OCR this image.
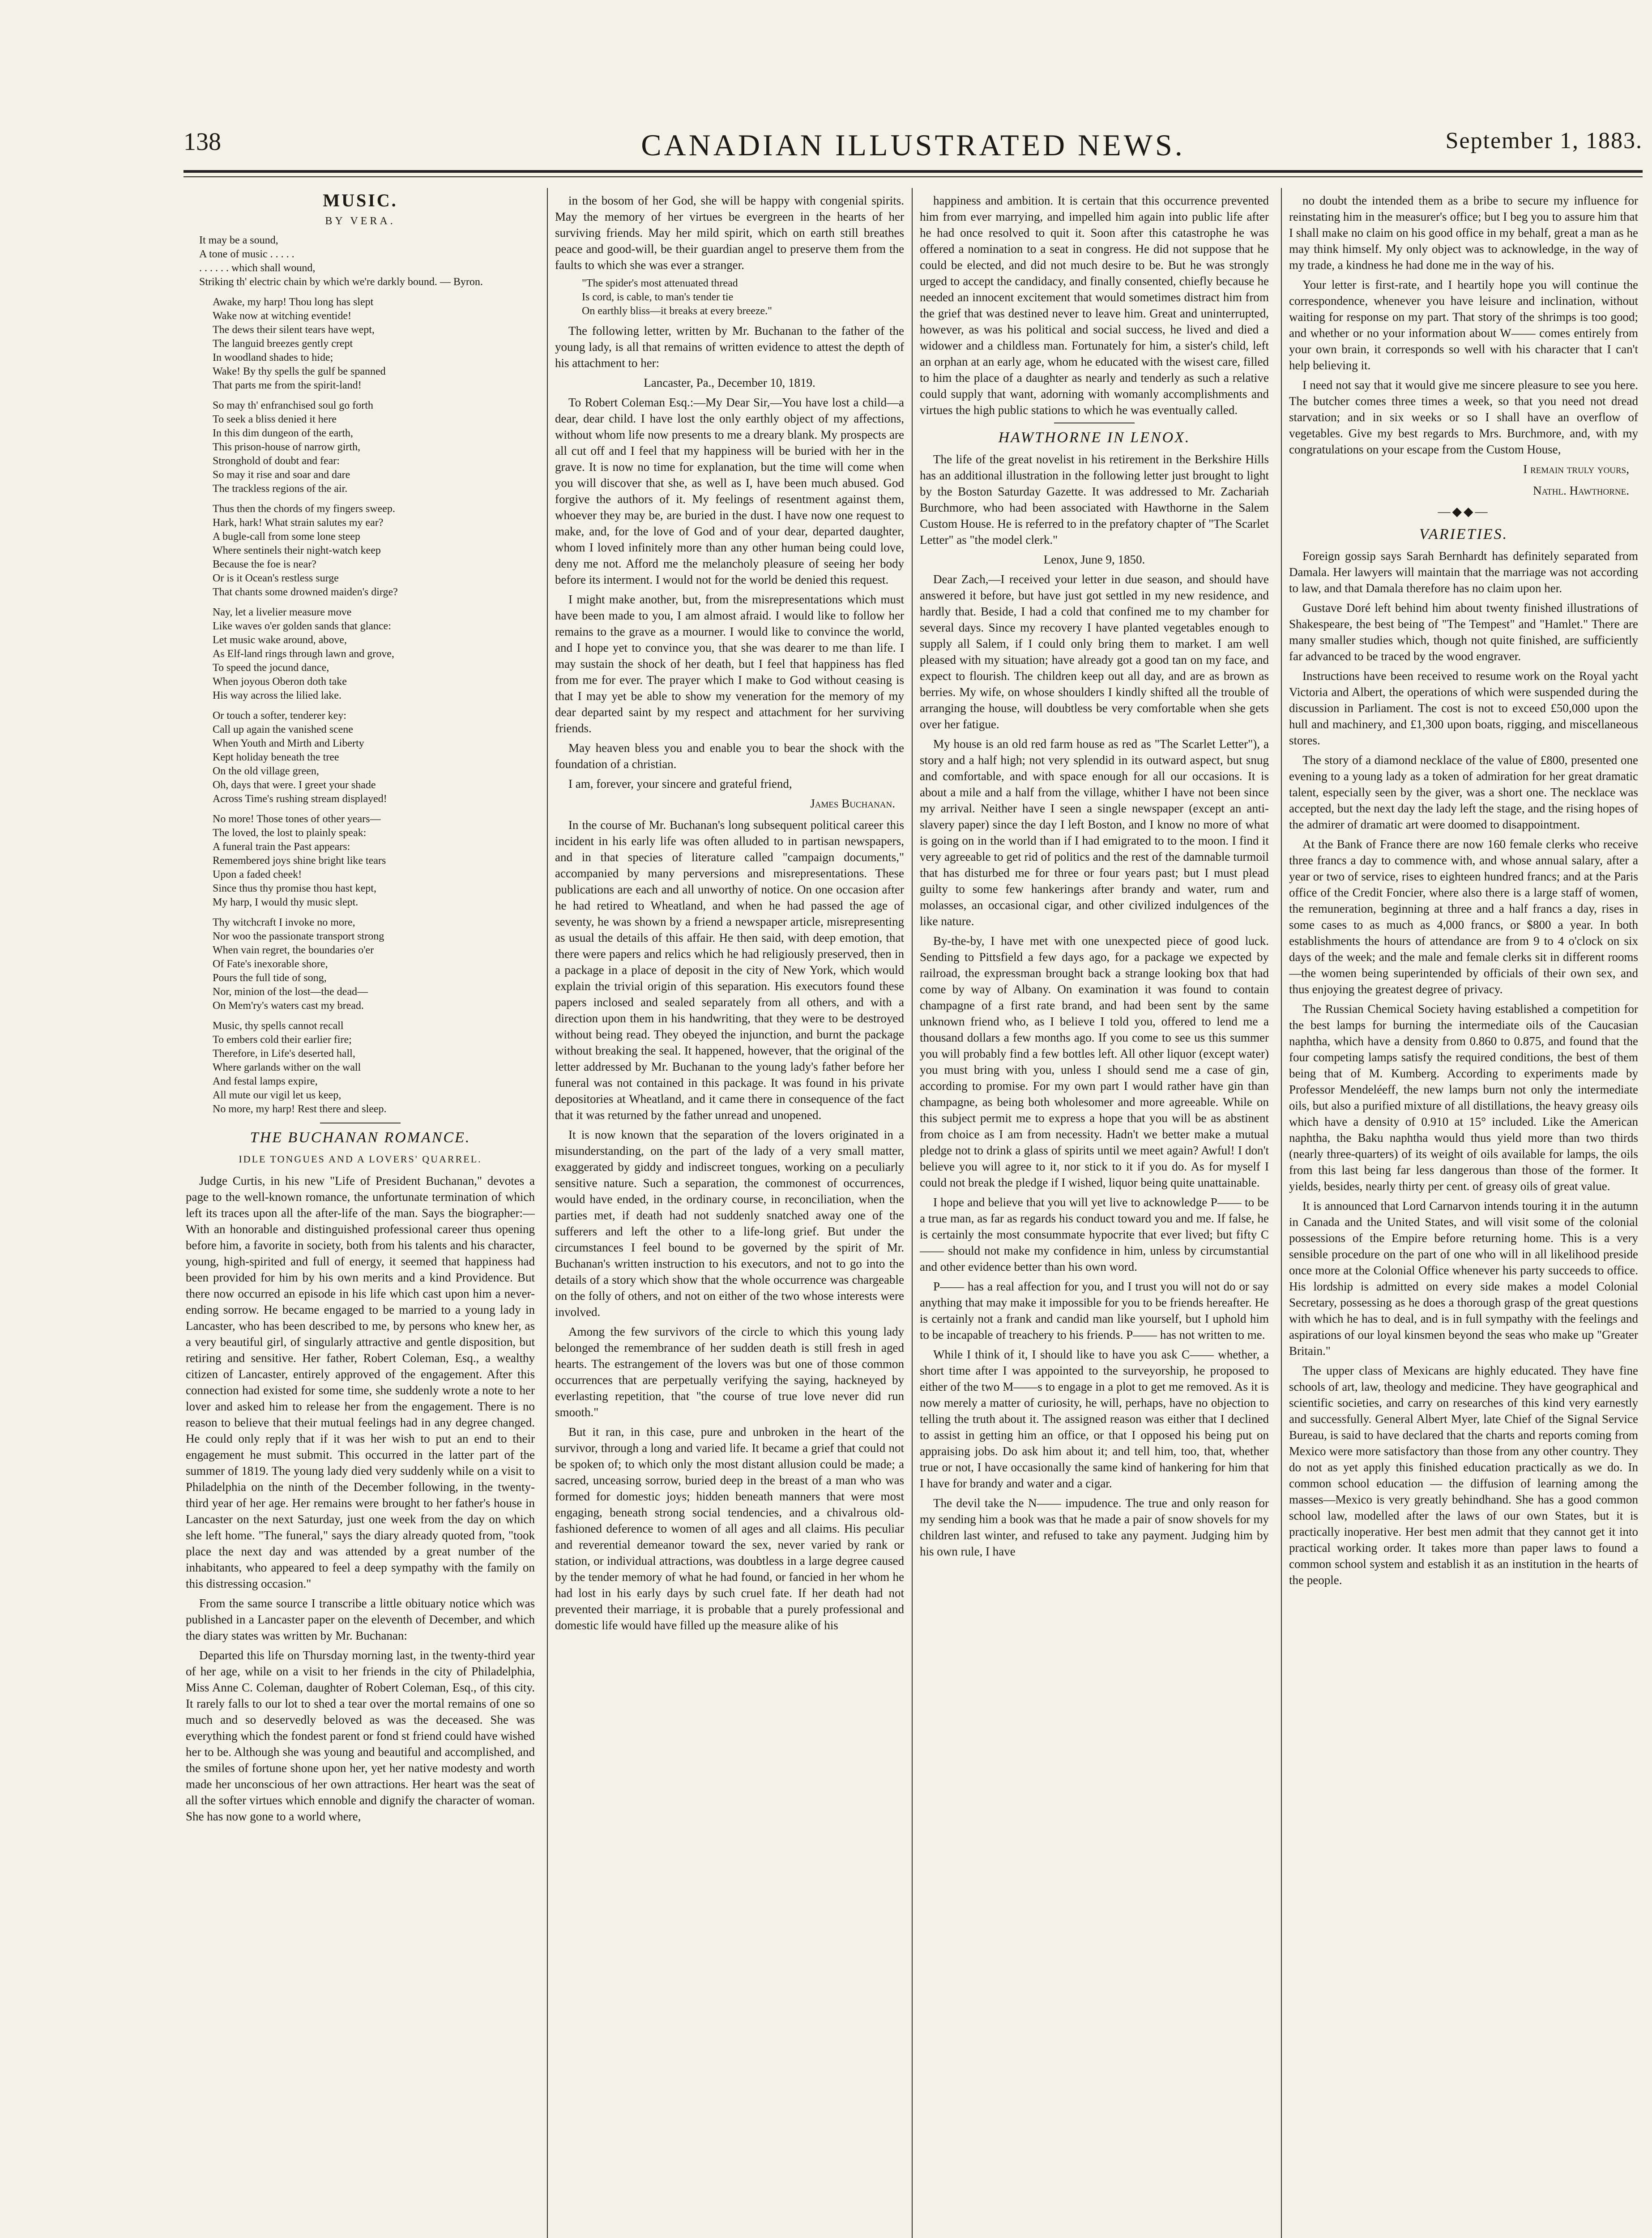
138	CANADIAN ILLUSTRATED NEWS.	September 1, 1883.
MUSIC.
BY VERA.
It may be a sound,
A tone of music . . . . .
. . . . . . which shall wound,
Striking th' electric chain by which we're darkly bound. — Byron.
Awake, my harp! Thou long has slept
Wake now at witching eventide!
The dews their silent tears have wept,
The languid breezes gently crept
In woodland shades to hide;
Wake! By thy spells the gulf be spanned
That parts me from the spirit-land!
So may th' enfranchised soul go forth
To seek a bliss denied it here
In this dim dungeon of the earth,
This prison-house of narrow girth,
Stronghold of doubt and fear:
So may it rise and soar and dare
The trackless regions of the air.
Thus then the chords of my fingers sweep.
Hark, hark! What strain salutes my ear?
A bugle-call from some lone steep
Where sentinels their night-watch keep
Because the foe is near?
Or is it Ocean's restless surge
That chants some drowned maiden's dirge?
Nay, let a livelier measure move
Like waves o'er golden sands that glance:
Let music wake around, above,
As Elf-land rings through lawn and grove,
To speed the jocund dance,
When joyous Oberon doth take
His way across the lilied lake.
Or touch a softer, tenderer key:
Call up again the vanished scene
When Youth and Mirth and Liberty
Kept holiday beneath the tree
On the old village green,
Oh, days that were. I greet your shade
Across Time's rushing stream displayed!
No more! Those tones of other years—
The loved, the lost to plainly speak:
A funeral train the Past appears:
Remembered joys shine bright like tears
Upon a faded cheek!
Since thus thy promise thou hast kept,
My harp, I would thy music slept.
Thy witchcraft I invoke no more,
Nor woo the passionate transport strong
When vain regret, the boundaries o'er
Of Fate's inexorable shore,
Pours the full tide of song,
Nor, minion of the lost—the dead—
On Mem'ry's waters cast my bread.
Music, thy spells cannot recall
To embers cold their earlier fire;
Therefore, in Life's deserted hall,
Where garlands wither on the wall
And festal lamps expire,
All mute our vigil let us keep,
No more, my harp! Rest there and sleep.
THE BUCHANAN ROMANCE.
IDLE TONGUES AND A LOVERS' QUARREL.

Judge Curtis, in his new "Life of President Buchanan," devotes a page to the well-known romance, the unfortunate termination of which left its traces upon all the after-life of the man. Says the biographer:—With an honorable and distinguished professional career thus opening before him, a favorite in society, both from his talents and his character, young, high-spirited and full of energy, it seemed that happiness had been provided for him by his own merits and a kind Providence. But there now occurred an episode in his life which cast upon him a never-ending sorrow. He became engaged to be married to a young lady in Lancaster, who has been described to me, by persons who knew her, as a very beautiful girl, of singularly attractive and gentle disposition, but retiring and sensitive. Her father, Robert Coleman, Esq., a wealthy citizen of Lancaster, entirely approved of the engagement. After this connection had existed for some time, she suddenly wrote a note to her lover and asked him to release her from the engagement. There is no reason to believe that their mutual feelings had in any degree changed. He could only reply that if it was her wish to put an end to their engagement he must submit. This occurred in the latter part of the summer of 1819. The young lady died very suddenly while on a visit to Philadelphia on the ninth of the December following, in the twenty-third year of her age. Her remains were brought to her father's house in Lancaster on the next Saturday, just one week from the day on which she left home. "The funeral," says the diary already quoted from, "took place the next day and was attended by a great number of the inhabitants, who appeared to feel a deep sympathy with the family on this distressing occasion."

From the same source I transcribe a little obituary notice which was published in a Lancaster paper on the eleventh of December, and which the diary states was written by Mr. Buchanan:

Departed this life on Thursday morning last, in the twenty-third year of her age, while on a visit to her friends in the city of Philadelphia, Miss Anne C. Coleman, daughter of Robert Coleman, Esq., of this city. It rarely falls to our lot to shed a tear over the mortal remains of one so much and so deservedly beloved as was the deceased. She was everything which the fondest parent or fond st friend could have wished her to be. Although she was young and beautiful and accomplished, and the smiles of fortune shone upon her, yet her native modesty and worth made her unconscious of her own attractions. Her heart was the seat of all the softer virtues which ennoble and dignify the character of woman. She has now gone to a world where,

in the bosom of her God, she will be happy with congenial spirits. May the memory of her virtues be evergreen in the hearts of her surviving friends. May her mild spirit, which on earth still breathes peace and good-will, be their guardian angel to preserve them from the faults to which she was ever a stranger.

"The spider's most attenuated thread
Is cord, is cable, to man's tender tie
On earthly bliss—it breaks at every breeze."

The following letter, written by Mr. Buchanan to the father of the young lady, is all that remains of written evidence to attest the depth of his attachment to her:

Lancaster, Pa., December 10, 1819.

To Robert Coleman Esq.:—My Dear Sir,—You have lost a child—a dear, dear child. I have lost the only earthly object of my affections, without whom life now presents to me a dreary blank. My prospects are all cut off and I feel that my happiness will be buried with her in the grave. It is now no time for explanation, but the time will come when you will discover that she, as well as I, have been much abused. God forgive the authors of it. My feelings of resentment against them, whoever they may be, are buried in the dust. I have now one request to make, and, for the love of God and of your dear, departed daughter, whom I loved infinitely more than any other human being could love, deny me not. Afford me the melancholy pleasure of seeing her body before its interment. I would not for the world be denied this request.

I might make another, but, from the misrepresentations which must have been made to you, I am almost afraid. I would like to follow her remains to the grave as a mourner. I would like to convince the world, and I hope yet to convince you, that she was dearer to me than life. I may sustain the shock of her death, but I feel that happiness has fled from me for ever. The prayer which I make to God without ceasing is that I may yet be able to show my veneration for the memory of my dear departed saint by my respect and attachment for her surviving friends.

May heaven bless you and enable you to bear the shock with the foundation of a christian.

I am, forever, your sincere and grateful friend,

James Buchanan.

In the course of Mr. Buchanan's long subsequent political career this incident in his early life was often alluded to in partisan newspapers, and in that species of literature called "campaign documents," accompanied by many perversions and misrepresentations. These publications are each and all unworthy of notice. On one occasion after he had retired to Wheatland, and when he had passed the age of seventy, he was shown by a friend a newspaper article, misrepresenting as usual the details of this affair. He then said, with deep emotion, that there were papers and relics which he had religiously preserved, then in a package in a place of deposit in the city of New York, which would explain the trivial origin of this separation. His executors found these papers inclosed and sealed separately from all others, and with a direction upon them in his handwriting, that they were to be destroyed without being read. They obeyed the injunction, and burnt the package without breaking the seal. It happened, however, that the original of the letter addressed by Mr. Buchanan to the young lady's father before her funeral was not contained in this package. It was found in his private depositories at Wheatland, and it came there in consequence of the fact that it was returned by the father unread and unopened.

It is now known that the separation of the lovers originated in a misunderstanding, on the part of the lady of a very small matter, exaggerated by giddy and indiscreet tongues, working on a peculiarly sensitive nature. Such a separation, the commonest of occurrences, would have ended, in the ordinary course, in reconciliation, when the parties met, if death had not suddenly snatched away one of the sufferers and left the other to a life-long grief. But under the circumstances I feel bound to be governed by the spirit of Mr. Buchanan's written instruction to his executors, and not to go into the details of a story which show that the whole occurrence was chargeable on the folly of others, and not on either of the two whose interests were involved.

Among the few survivors of the circle to which this young lady belonged the remembrance of her sudden death is still fresh in aged hearts. The estrangement of the lovers was but one of those common occurrences that are perpetually verifying the saying, hackneyed by everlasting repetition, that "the course of true love never did run smooth."

But it ran, in this case, pure and unbroken in the heart of the survivor, through a long and varied life. It became a grief that could not be spoken of; to which only the most distant allusion could be made; a sacred, unceasing sorrow, buried deep in the breast of a man who was formed for domestic joys; hidden beneath manners that were most engaging, beneath strong social tendencies, and a chivalrous old-fashioned deference to women of all ages and all claims. His peculiar and reverential demeanor toward the sex, never varied by rank or station, or individual attractions, was doubtless in a large degree caused by the tender memory of what he had found, or fancied in her whom he had lost in his early days by such cruel fate. If her death had not prevented their marriage, it is probable that a purely professional and domestic life would have filled up the measure alike of his

happiness and ambition. It is certain that this occurrence prevented him from ever marrying, and impelled him again into public life after he had once resolved to quit it. Soon after this catastrophe he was offered a nomination to a seat in congress. He did not suppose that he could be elected, and did not much desire to be. But he was strongly urged to accept the candidacy, and finally consented, chiefly because he needed an innocent excitement that would sometimes distract him from the grief that was destined never to leave him. Great and uninterrupted, however, as was his political and social success, he lived and died a widower and a childless man. Fortunately for him, a sister's child, left an orphan at an early age, whom he educated with the wisest care, filled to him the place of a daughter as nearly and tenderly as such a relative could supply that want, adorning with womanly accomplishments and virtues the high public stations to which he was eventually called.

HAWTHORNE IN LENOX.

The life of the great novelist in his retirement in the Berkshire Hills has an additional illustration in the following letter just brought to light by the Boston Saturday Gazette. It was addressed to Mr. Zachariah Burchmore, who had been associated with Hawthorne in the Salem Custom House. He is referred to in the prefatory chapter of "The Scarlet Letter" as "the model clerk."

Lenox, June 9, 1850.

Dear Zach,—I received your letter in due season, and should have answered it before, but have just got settled in my new residence, and hardly that. Beside, I had a cold that confined me to my chamber for several days. Since my recovery I have planted vegetables enough to supply all Salem, if I could only bring them to market. I am well pleased with my situation; have already got a good tan on my face, and expect to flourish. The children keep out all day, and are as brown as berries. My wife, on whose shoulders I kindly shifted all the trouble of arranging the house, will doubtless be very comfortable when she gets over her fatigue.

My house is an old red farm house as red as "The Scarlet Letter"), a story and a half high; not very splendid in its outward aspect, but snug and comfortable, and with space enough for all our occasions. It is about a mile and a half from the village, whither I have not been since my arrival. Neither have I seen a single newspaper (except an anti-slavery paper) since the day I left Boston, and I know no more of what is going on in the world than if I had emigrated to to the moon. I find it very agreeable to get rid of politics and the rest of the damnable turmoil that has disturbed me for three or four years past; but I must plead guilty to some few hankerings after brandy and water, rum and molasses, an occasional cigar, and other civilized indulgences of the like nature.

By-the-by, I have met with one unexpected piece of good luck. Sending to Pittsfield a few days ago, for a package we expected by railroad, the expressman brought back a strange looking box that had come by way of Albany. On examination it was found to contain champagne of a first rate brand, and had been sent by the same unknown friend who, as I believe I told you, offered to lend me a thousand dollars a few months ago. If you come to see us this summer you will probably find a few bottles left. All other liquor (except water) you must bring with you, unless I should send me a case of gin, according to promise. For my own part I would rather have gin than champagne, as being both wholesomer and more agreeable. While on this subject permit me to express a hope that you will be as abstinent from choice as I am from necessity. Hadn't we better make a mutual pledge not to drink a glass of spirits until we meet again? Awful! I don't believe you will agree to it, nor stick to it if you do. As for myself I could not break the pledge if I wished, liquor being quite unattainable.

I hope and believe that you will yet live to acknowledge P—— to be a true man, as far as regards his conduct toward you and me. If false, he is certainly the most consummate hypocrite that ever lived; but fifty C—— should not make my confidence in him, unless by circumstantial and other evidence better than his own word.

P—— has a real affection for you, and I trust you will not do or say anything that may make it impossible for you to be friends hereafter. He is certainly not a frank and candid man like yourself, but I uphold him to be incapable of treachery to his friends. P—— has not written to me.

While I think of it, I should like to have you ask C—— whether, a short time after I was appointed to the surveyorship, he proposed to either of the two M——s to engage in a plot to get me removed. As it is now merely a matter of curiosity, he will, perhaps, have no objection to telling the truth about it. The assigned reason was either that I declined to assist in getting him an office, or that I opposed his being put on appraising jobs. Do ask him about it; and tell him, too, that, whether true or not, I have occasionally the same kind of hankering for him that I have for brandy and water and a cigar.

The devil take the N—— impudence. The true and only reason for my sending him a book was that he made a pair of snow shovels for my children last winter, and refused to take any payment. Judging him by his own rule, I have

no doubt the intended them as a bribe to secure my influence for reinstating him in the measurer's office; but I beg you to assure him that I shall make no claim on his good office in my behalf, great a man as he may think himself. My only object was to acknowledge, in the way of my trade, a kindness he had done me in the way of his.

Your letter is first-rate, and I heartily hope you will continue the correspondence, whenever you have leisure and inclination, without waiting for response on my part. That story of the shrimps is too good; and whether or no your information about W—— comes entirely from your own brain, it corresponds so well with his character that I can't help believing it.

I need not say that it would give me sincere pleasure to see you here. The butcher comes three times a week, so that you need not dread starvation; and in six weeks or so I shall have an overflow of vegetables. Give my best regards to Mrs. Burchmore, and, with my congratulations on your escape from the Custom House,

I remain truly yours,
Nathl. Hawthorne.
—◆◆—
VARIETIES.

Foreign gossip says Sarah Bernhardt has definitely separated from Damala. Her lawyers will maintain that the marriage was not according to law, and that Damala therefore has no claim upon her.

Gustave Doré left behind him about twenty finished illustrations of Shakespeare, the best being of "The Tempest" and "Hamlet." There are many smaller studies which, though not quite finished, are sufficiently far advanced to be traced by the wood engraver.

Instructions have been received to resume work on the Royal yacht Victoria and Albert, the operations of which were suspended during the discussion in Parliament. The cost is not to exceed £50,000 upon the hull and machinery, and £1,300 upon boats, rigging, and miscellaneous stores.

The story of a diamond necklace of the value of £800, presented one evening to a young lady as a token of admiration for her great dramatic talent, especially seen by the giver, was a short one. The necklace was accepted, but the next day the lady left the stage, and the rising hopes of the admirer of dramatic art were doomed to disappointment.

At the Bank of France there are now 160 female clerks who receive three francs a day to commence with, and whose annual salary, after a year or two of service, rises to eighteen hundred francs; and at the Paris office of the Credit Foncier, where also there is a large staff of women, the remuneration, beginning at three and a half francs a day, rises in some cases to as much as 4,000 francs, or $800 a year. In both establishments the hours of attendance are from 9 to 4 o'clock on six days of the week; and the male and female clerks sit in different rooms—the women being superintended by officials of their own sex, and thus enjoying the greatest degree of privacy.

The Russian Chemical Society having established a competition for the best lamps for burning the intermediate oils of the Caucasian naphtha, which have a density from 0.860 to 0.875, and found that the four competing lamps satisfy the required conditions, the best of them being that of M. Kumberg. According to experiments made by Professor Mendeléeff, the new lamps burn not only the intermediate oils, but also a purified mixture of all distillations, the heavy greasy oils which have a density of 0.910 at 15° included. Like the American naphtha, the Baku naphtha would thus yield more than two thirds (nearly three-quarters) of its weight of oils available for lamps, the oils from this last being far less dangerous than those of the former. It yields, besides, nearly thirty per cent. of greasy oils of great value.

It is announced that Lord Carnarvon intends touring it in the autumn in Canada and the United States, and will visit some of the colonial possessions of the Empire before returning home. This is a very sensible procedure on the part of one who will in all likelihood preside once more at the Colonial Office whenever his party succeeds to office. His lordship is admitted on every side makes a model Colonial Secretary, possessing as he does a thorough grasp of the great questions with which he has to deal, and is in full sympathy with the feelings and aspirations of our loyal kinsmen beyond the seas who make up "Greater Britain."

The upper class of Mexicans are highly educated. They have fine schools of art, law, theology and medicine. They have geographical and scientific societies, and carry on researches of this kind very earnestly and successfully. General Albert Myer, late Chief of the Signal Service Bureau, is said to have declared that the charts and reports coming from Mexico were more satisfactory than those from any other country. They do not as yet apply this finished education practically as we do. In common school education — the diffusion of learning among the masses—Mexico is very greatly behindhand. She has a good common school law, modelled after the laws of our own States, but it is practically inoperative. Her best men admit that they cannot get it into practical working order. It takes more than paper laws to found a common school system and establish it as an institution in the hearts of the people.
